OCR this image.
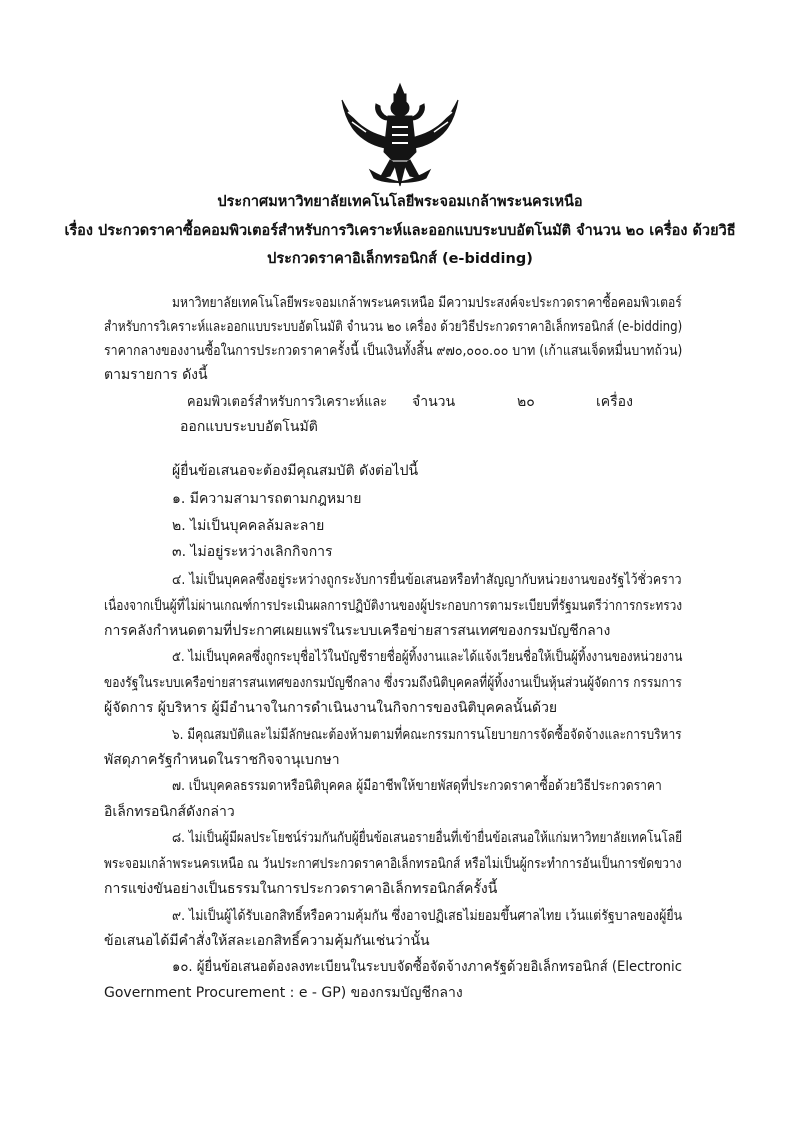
ประกาศมหาวิทยาลัยเทคโนโลยีพระจอมเกล้าพระนครเหนือ
เรื่อง ประกวดราคาซื้อคอมพิวเตอร์สำหรับการวิเคราะห์และออกแบบระบบอัตโนมัติ จำนวน ๒๐ เครื่อง ด้วยวิธี
ประกวดราคาอิเล็กทรอนิกส์ (e-bidding)
มหาวิทยาลัยเทคโนโลยีพระจอมเกล้าพระนครเหนือ มีความประสงค์จะประกวดราคาซื้อคอมพิวเตอร์
สำหรับการวิเคราะห์และออกแบบระบบอัตโนมัติ จำนวน ๒๐ เครื่อง ด้วยวิธีประกวดราคาอิเล็กทรอนิกส์ (e-bidding)
ราคากลางของงานซื้อในการประกวดราคาครั้งนี้ เป็นเงินทั้งสิ้น ๙๗๐,๐๐๐.๐๐ บาท (เก้าแสนเจ็ดหมื่นบาทถ้วน)
ตามรายการ ดังนี้
คอมพิวเตอร์สำหรับการวิเคราะห์และ
ออกแบบระบบอัตโนมัติ
จำนวน	๒๐	เครื่อง
ผู้ยื่นข้อเสนอจะต้องมีคุณสมบัติ ดังต่อไปนี้
๑. มีความสามารถตามกฎหมาย
๒. ไม่เป็นบุคคลล้มละลาย
๓. ไม่อยู่ระหว่างเลิกกิจการ
๔. ไม่เป็นบุคคลซึ่งอยู่ระหว่างถูกระงับการยื่นข้อเสนอหรือทำสัญญากับหน่วยงานของรัฐไว้ชั่วคราว
เนื่องจากเป็นผู้ที่ไม่ผ่านเกณฑ์การประเมินผลการปฏิบัติงานของผู้ประกอบการตามระเบียบที่รัฐมนตรีว่าการกระทรวง
การคลังกำหนดตามที่ประกาศเผยแพร่ในระบบเครือข่ายสารสนเทศของกรมบัญชีกลาง
๕. ไม่เป็นบุคคลซึ่งถูกระบุชื่อไว้ในบัญชีรายชื่อผู้ทิ้งงานและได้แจ้งเวียนชื่อให้เป็นผู้ทิ้งงานของหน่วยงาน
ของรัฐในระบบเครือข่ายสารสนเทศของกรมบัญชีกลาง ซึ่งรวมถึงนิติบุคคลที่ผู้ทิ้งงานเป็นหุ้นส่วนผู้จัดการ กรรมการ
ผู้จัดการ ผู้บริหาร ผู้มีอำนาจในการดำเนินงานในกิจการของนิติบุคคลนั้นด้วย
๖. มีคุณสมบัติและไม่มีลักษณะต้องห้ามตามที่คณะกรรมการนโยบายการจัดซื้อจัดจ้างและการบริหาร
พัสดุภาครัฐกำหนดในราชกิจจานุเบกษา
๗. เป็นบุคคลธรรมดาหรือนิติบุคคล ผู้มีอาชีพให้ขายพัสดุที่ประกวดราคาซื้อด้วยวิธีประกวดราคา
อิเล็กทรอนิกส์ดังกล่าว
๘. ไม่เป็นผู้มีผลประโยชน์ร่วมกันกับผู้ยื่นข้อเสนอรายอื่นที่เข้ายื่นข้อเสนอให้แก่มหาวิทยาลัยเทคโนโลยี
พระจอมเกล้าพระนครเหนือ ณ วันประกาศประกวดราคาอิเล็กทรอนิกส์ หรือไม่เป็นผู้กระทำการอันเป็นการขัดขวาง
การแข่งขันอย่างเป็นธรรมในการประกวดราคาอิเล็กทรอนิกส์ครั้งนี้
๙. ไม่เป็นผู้ได้รับเอกสิทธิ์หรือความคุ้มกัน ซึ่งอาจปฏิเสธไม่ยอมขึ้นศาลไทย เว้นแต่รัฐบาลของผู้ยื่น
ข้อเสนอได้มีคำสั่งให้สละเอกสิทธิ์ความคุ้มกันเช่นว่านั้น
๑๐. ผู้ยื่นข้อเสนอต้องลงทะเบียนในระบบจัดซื้อจัดจ้างภาครัฐด้วยอิเล็กทรอนิกส์ (Electronic
Government Procurement : e - GP) ของกรมบัญชีกลาง
